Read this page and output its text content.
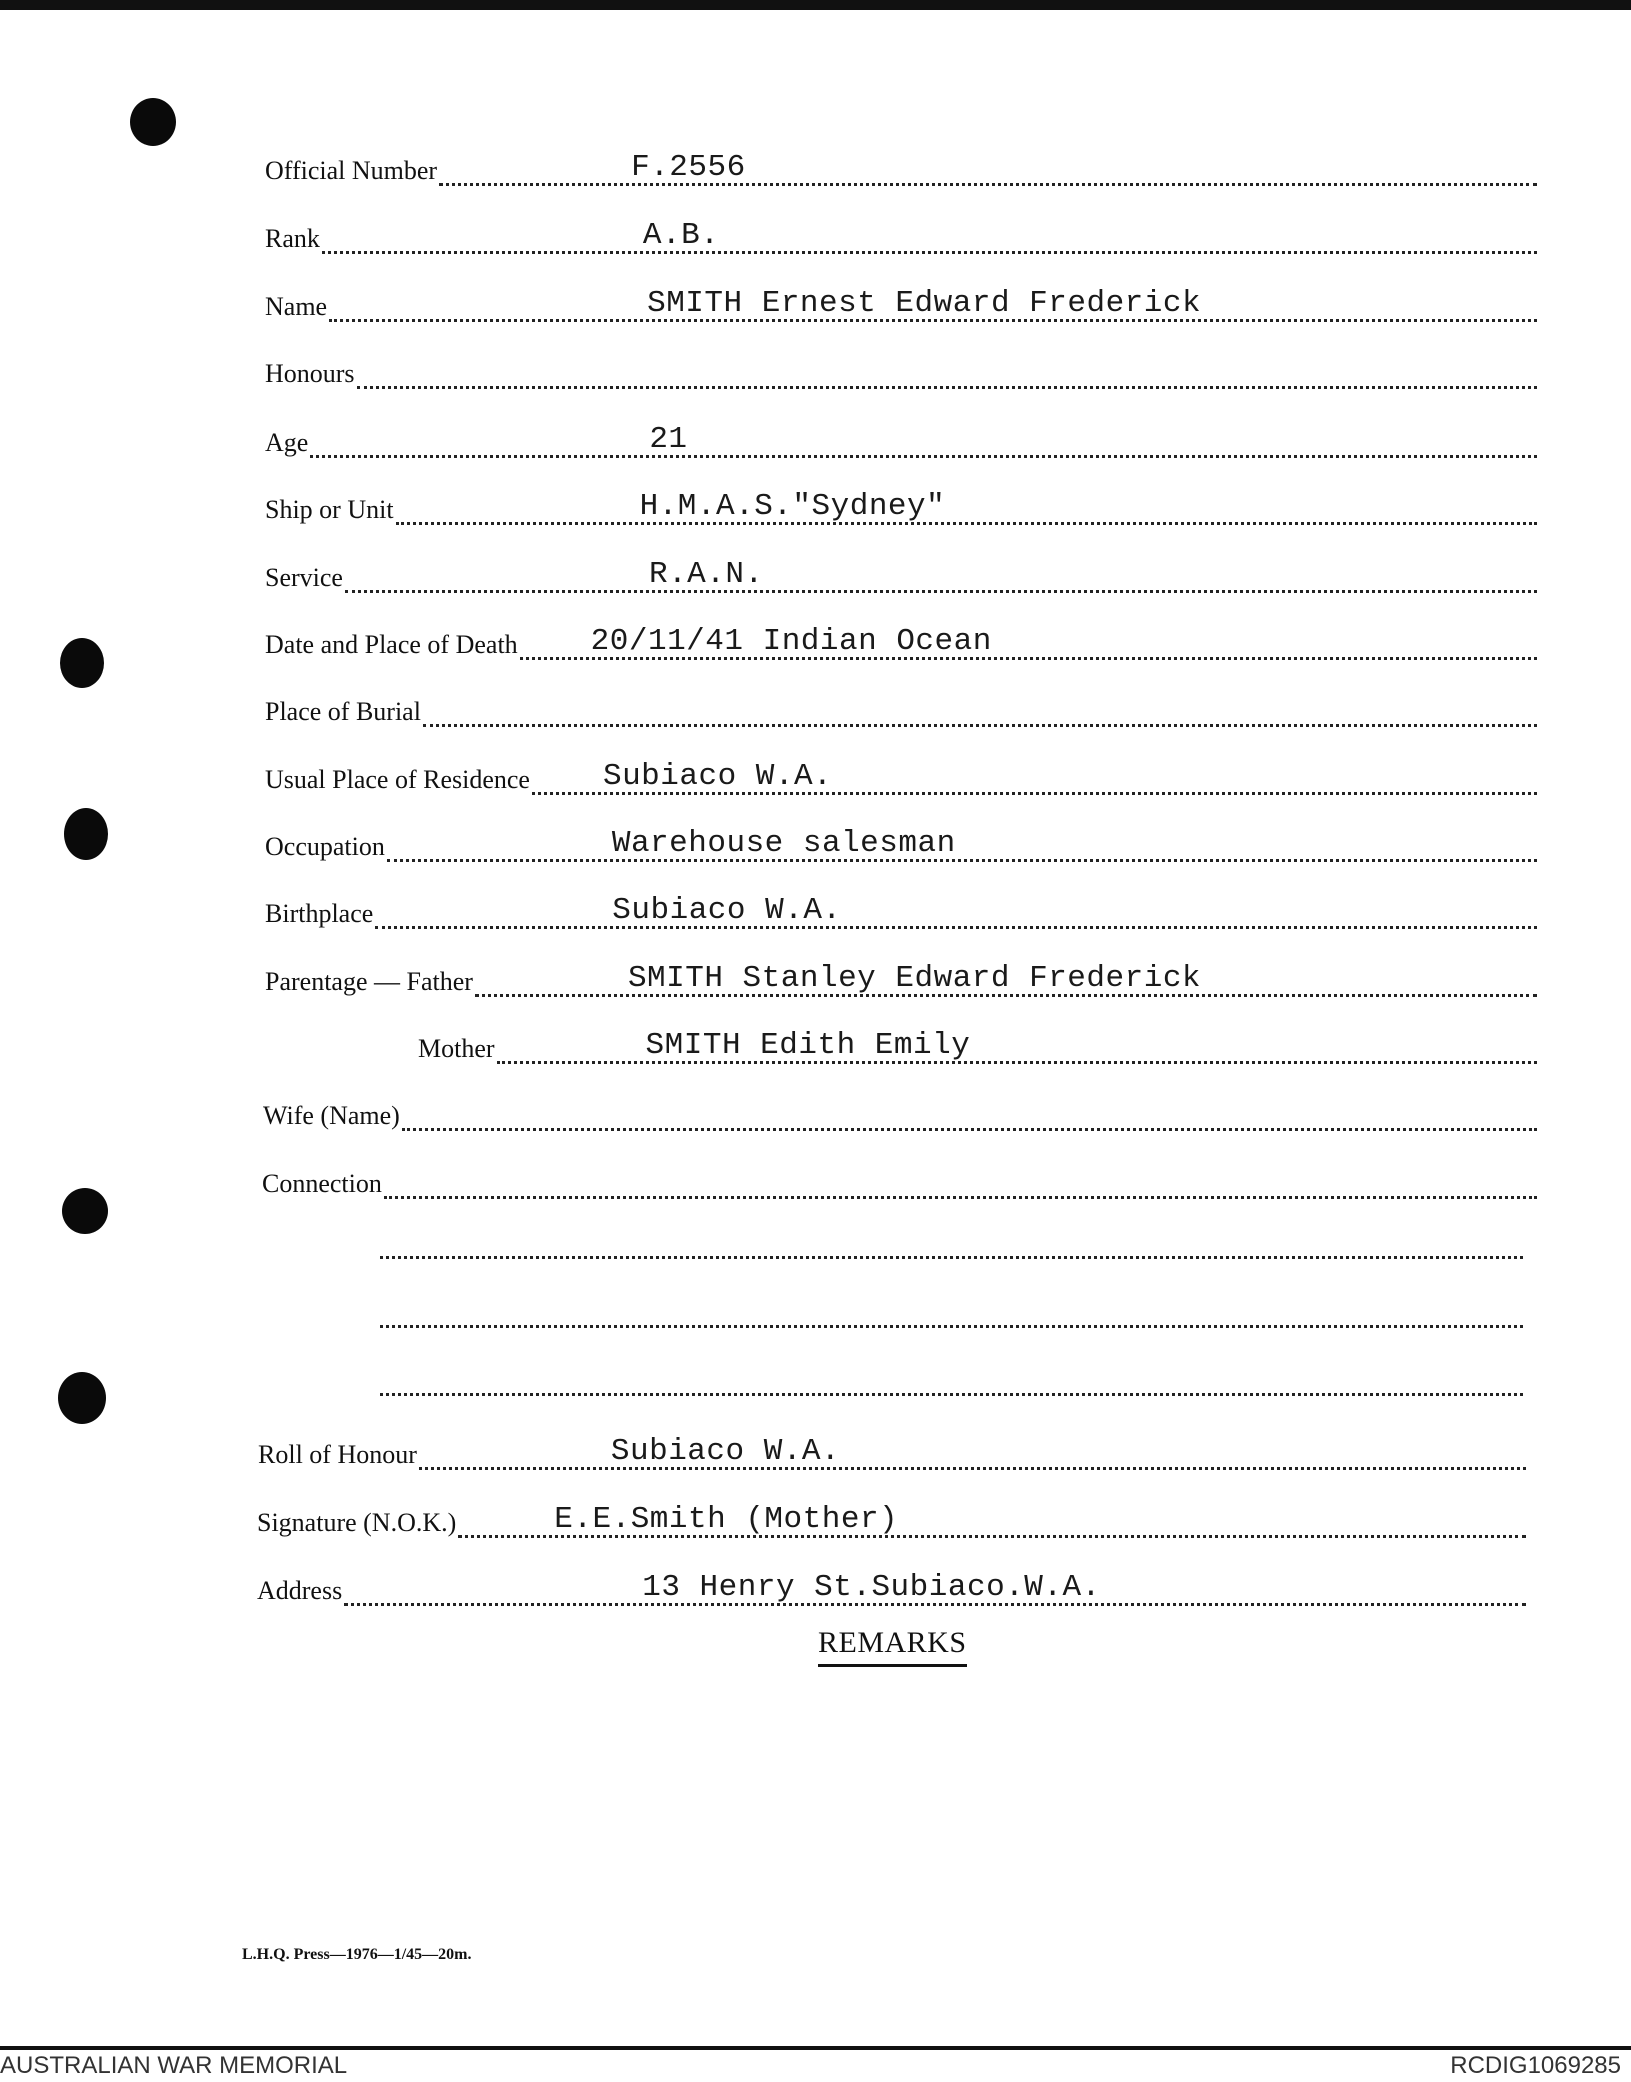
Official Number	F.2556
Rank	A.B.
Name	SMITH Ernest Edward Frederick
Honours
Age	21
Ship or Unit	H.M.A.S."Sydney"
Service	R.A.N.
Date and Place of Death 20/11/41 Indian Ocean
Place of Burial
Usual Place of Residence Subiaco W.A.
Occupation	Warehouse salesman
Birthplace	Subiaco W.A.
Parentage — Father	SMITH Stanley Edward Frederick
Mother	SMITH Edith Emily
Wife (Name)
Connection
Roll of Honour	Subiaco W.A.
Signature (N.O.K.)	E.E.Smith (Mother)
Address	13 Henry St.Subiaco.W.A.
REMARKS
L.H.Q. Press—1976—1/45—20m.
AUSTRALIAN WAR MEMORIAL	RCDIG1069285
